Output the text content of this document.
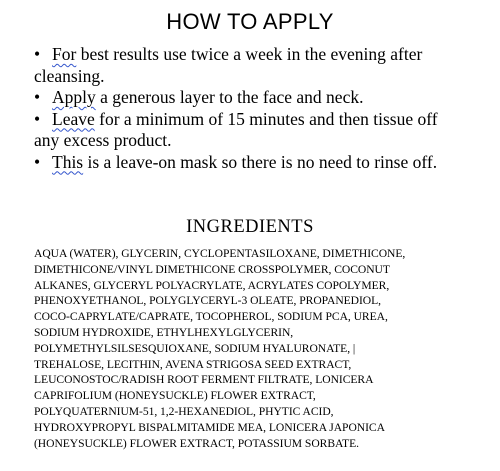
HOW TO APPLY
• For best results use twice a week in the evening after
cleansing.
• Apply a generous layer to the face and neck.
• Leave for a minimum of 15 minutes and then tissue off
any excess product.
• This is a leave-on mask so there is no need to rinse off.
INGREDIENTS
AQUA (WATER), GLYCERIN, CYCLOPENTASILOXANE, DIMETHICONE,
DIMETHICONE/VINYL DIMETHICONE CROSSPOLYMER, COCONUT
ALKANES, GLYCERYL POLYACRYLATE, ACRYLATES COPOLYMER,
PHENOXYETHANOL, POLYGLYCERYL-3 OLEATE, PROPANEDIOL,
COCO-CAPRYLATE/CAPRATE, TOCOPHEROL, SODIUM PCA, UREA,
SODIUM HYDROXIDE, ETHYLHEXYLGLYCERIN,
POLYMETHYLSILSESQUIOXANE, SODIUM HYALURONATE, |
TREHALOSE, LECITHIN, AVENA STRIGOSA SEED EXTRACT,
LEUCONOSTOC/RADISH ROOT FERMENT FILTRATE, LONICERA
CAPRIFOLIUM (HONEYSUCKLE) FLOWER EXTRACT,
POLYQUATERNIUM-51, 1,2-HEXANEDIOL, PHYTIC ACID,
HYDROXYPROPYL BISPALMITAMIDE MEA, LONICERA JAPONICA
(HONEYSUCKLE) FLOWER EXTRACT, POTASSIUM SORBATE.
